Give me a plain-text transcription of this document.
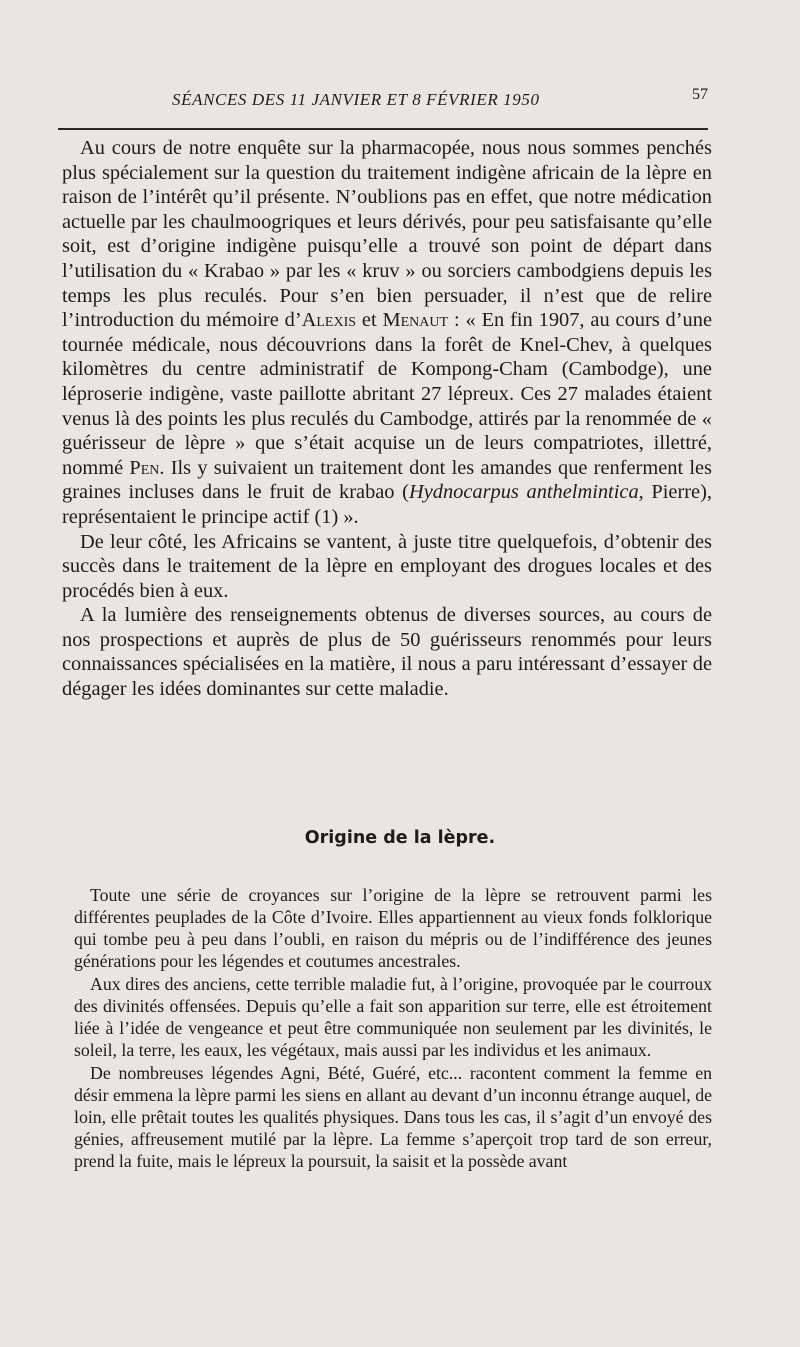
SÉANCES DES 11 JANVIER ET 8 FÉVRIER 1950	57

Au cours de notre enquête sur la pharmacopée, nous nous sommes penchés plus spécialement sur la question du traitement indigène africain de la lèpre en raison de l’intérêt qu’il présente. N’oublions pas en effet, que notre médication actuelle par les chaulmoogriques et leurs dérivés, pour peu satisfaisante qu’elle soit, est d’origine indigène puisqu’elle a trouvé son point de départ dans l’utilisation du « Krabao » par les « kruv » ou sorciers cambodgiens depuis les temps les plus reculés. Pour s’en bien persuader, il n’est que de relire l’introduction du mémoire d’Alexis et Menaut : « En fin 1907, au cours d’une tournée médicale, nous découvrions dans la forêt de Knel-Chev, à quelques kilomètres du centre administratif de Kompong-Cham (Cambodge), une léproserie indigène, vaste paillotte abritant 27 lépreux. Ces 27 malades étaient venus là des points les plus reculés du Cambodge, attirés par la renommée de « guérisseur de lèpre » que s’était acquise un de leurs compatriotes, illettré, nommé Pen. Ils y suivaient un traitement dont les amandes que renferment les graines incluses dans le fruit de krabao (Hydnocarpus anthelmintica, Pierre), représentaient le principe actif (1) ».

De leur côté, les Africains se vantent, à juste titre quelquefois, d’obtenir des succès dans le traitement de la lèpre en employant des drogues locales et des procédés bien à eux.

A la lumière des renseignements obtenus de diverses sources, au cours de nos prospections et auprès de plus de 50 guérisseurs renommés pour leurs connaissances spécialisées en la matière, il nous a paru intéressant d’essayer de dégager les idées dominantes sur cette maladie.

Origine de la lèpre.

Toute une série de croyances sur l’origine de la lèpre se retrouvent parmi les différentes peuplades de la Côte d’Ivoire. Elles appartiennent au vieux fonds folklorique qui tombe peu à peu dans l’oubli, en raison du mépris ou de l’indifférence des jeunes générations pour les légendes et coutumes ancestrales.

Aux dires des anciens, cette terrible maladie fut, à l’origine, provoquée par le courroux des divinités offensées. Depuis qu’elle a fait son apparition sur terre, elle est étroitement liée à l’idée de vengeance et peut être communiquée non seulement par les divinités, le soleil, la terre, les eaux, les végétaux, mais aussi par les individus et les animaux.

De nombreuses légendes Agni, Bété, Guéré, etc... racontent comment la femme en désir emmena la lèpre parmi les siens en allant au devant d’un inconnu étrange auquel, de loin, elle prêtait toutes les qualités physiques. Dans tous les cas, il s’agit d’un envoyé des génies, affreusement mutilé par la lèpre. La femme s’aperçoit trop tard de son erreur, prend la fuite, mais le lépreux la poursuit, la saisit et la possède avant
